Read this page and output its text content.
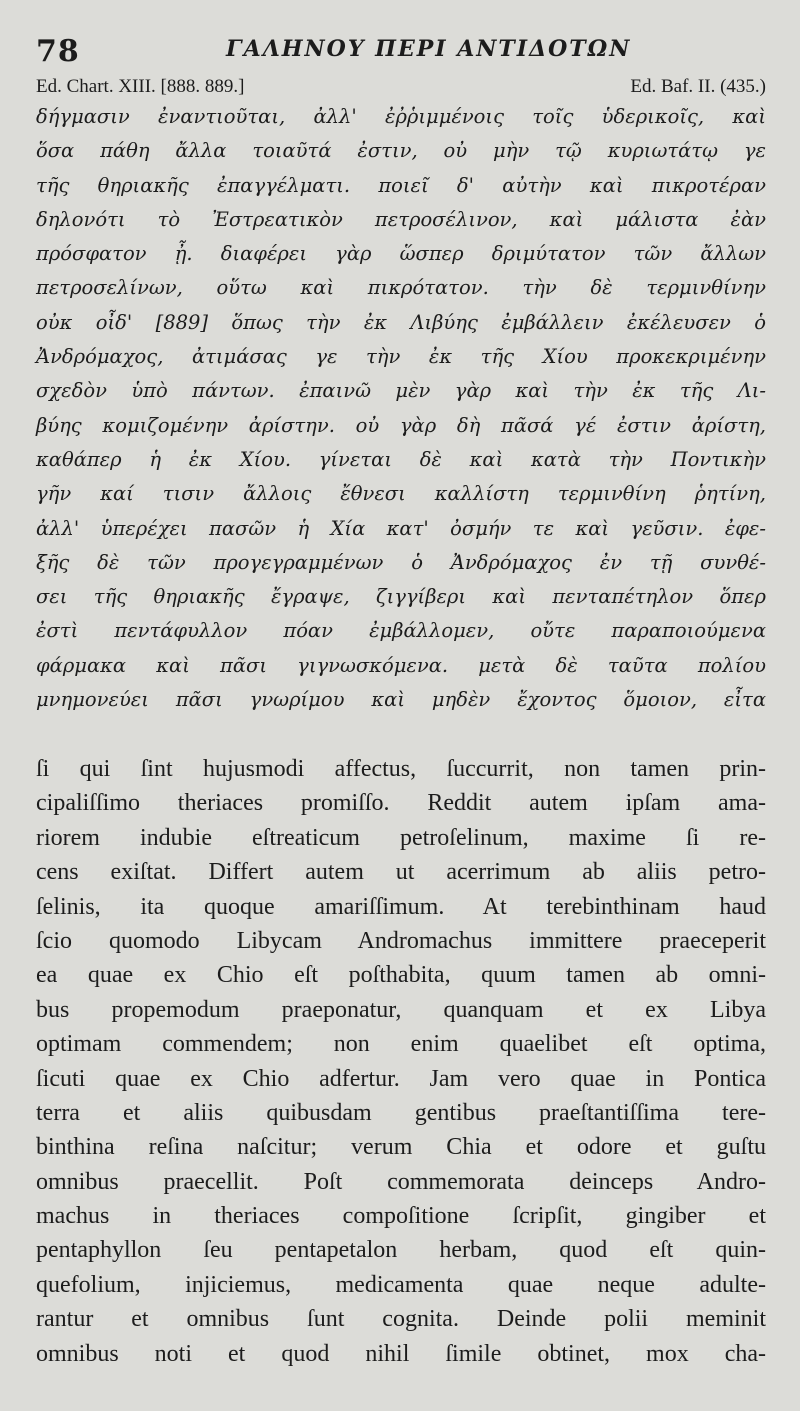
78	ΓΑΛΗΝΟΥ ΠΕΡΙ ΑΝΤΙΔΟΤΩΝ
Ed. Chart. XIII. [888. 889.]	Ed. Baf. II. (435.)
δήγμασιν ἐναντιοῦται, ἀλλ' ἐῤῥιμμένοις τοῖς ὑδερικοῖς, καὶ
ὅσα πάθη ἄλλα τοιαῦτά ἐστιν, οὐ μὴν τῷ κυριωτάτῳ γε
τῆς θηριακῆς ἐπαγγέλματι. ποιεῖ δ' αὐτὴν καὶ πικροτέραν
δηλονότι τὸ Ἐστρεατικὸν πετροσέλινον, καὶ μάλιστα ἐὰν
πρόσφατον ᾖ. διαφέρει γὰρ ὥσπερ δριμύτατον τῶν ἄλλων
πετροσελίνων, οὕτω καὶ πικρότατον. τὴν δὲ τερμινθίνην
οὐκ οἶδ' [889] ὅπως τὴν ἐκ Λιβύης ἐμβάλλειν ἐκέλευσεν ὁ
Ἀνδρόμαχος, ἀτιμάσας γε τὴν ἐκ τῆς Χίου προκεκριμένην
σχεδὸν ὑπὸ πάντων. ἐπαινῶ μὲν γὰρ καὶ τὴν ἐκ τῆς Λι-
βύης κομιζομένην ἀρίστην. οὐ γὰρ δὴ πᾶσά γέ ἐστιν ἀρίστη,
καθάπερ ἡ ἐκ Χίου. γίνεται δὲ καὶ κατὰ τὴν Ποντικὴν
γῆν καί τισιν ἄλλοις ἔθνεσι καλλίστη τερμινθίνη ῥητίνη,
ἀλλ' ὑπερέχει πασῶν ἡ Χία κατ' ὀσμήν τε καὶ γεῦσιν. ἐφε-
ξῆς δὲ τῶν προγεγραμμένων ὁ Ἀνδρόμαχος ἐν τῇ συνθέ-
σει τῆς θηριακῆς ἔγραψε, ζιγγίβερι καὶ πενταπέτηλον ὅπερ
ἐστὶ πεντάφυλλον πόαν ἐμβάλλομεν, οὔτε παραποιούμενα
φάρμακα καὶ πᾶσι γιγνωσκόμενα. μετὰ δὲ ταῦτα πολίου
μνημονεύει πᾶσι γνωρίμου καὶ μηδὲν ἔχοντος ὅμοιον, εἶτα
ſi qui ſint hujusmodi affectus, ſuccurrit, non tamen prin-
cipaliſſimo theriaces promiſſo. Reddit autem ipſam ama-
riorem indubie eſtreaticum petroſelinum, maxime ſi re-
cens exiſtat. Differt autem ut acerrimum ab aliis petro-
ſelinis, ita quoque amariſſimum. At terebinthinam haud
ſcio quomodo Libycam Andromachus immittere praeceperit
ea quae ex Chio eſt poſthabita, quum tamen ab omni-
bus propemodum praeponatur, quanquam et ex Libya
optimam commendem; non enim quaelibet eſt optima,
ſicuti quae ex Chio adfertur. Jam vero quae in Pontica
terra et aliis quibusdam gentibus praeſtantiſſima tere-
binthina reſina naſcitur; verum Chia et odore et guſtu
omnibus praecellit. Poſt commemorata deinceps Andro-
machus in theriaces compoſitione ſcripſit, gingiber et
pentaphyllon ſeu pentapetalon herbam, quod eſt quin-
quefolium, injiciemus, medicamenta quae neque adulte-
rantur et omnibus ſunt cognita. Deinde polii meminit
omnibus noti et quod nihil ſimile obtinet, mox cha-
